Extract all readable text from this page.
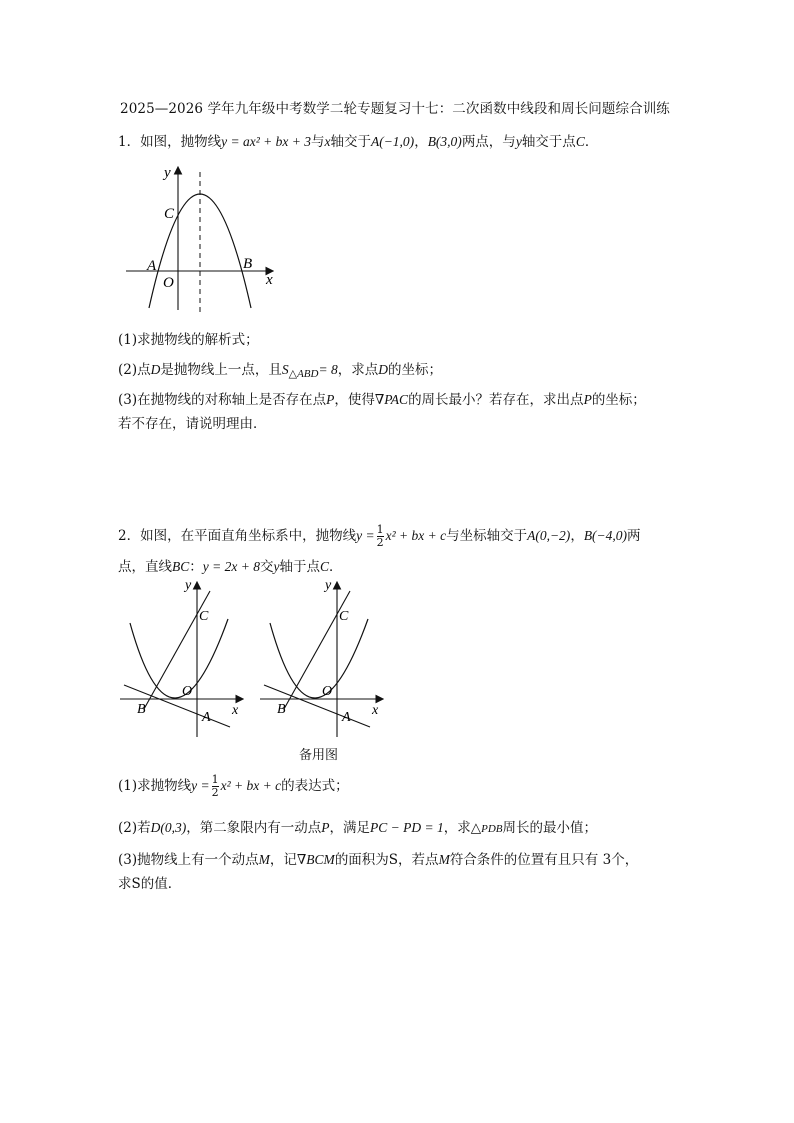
2025—2026 学年九年级中考数学二轮专题复习十七：二次函数中线段和周长问题综合训练
1．如图，抛物线y = ax² + bx + 3与x轴交于A(−1,0)，B(3,0)两点，与y轴交于点C．
y
C
A
O
B
x
(1)求抛物线的解析式；
(2)点D是抛物线上一点，且$S_{\triangle ABD}= 8$，求点D的坐标；
(3)在抛物线的对称轴上是否存在点P，使得∇PAC的周长最小？若存在，求出点P的坐标；
若不存在，请说明理由．
2．如图，在平面直角坐标系中，抛物线$y = \frac{1}{2} x^2$ + bx + c与坐标轴交于A(0,−2)，B(−4,0)两
点，直线BC：y = 2x + 8交y轴于点C．
y
C
O
B
A x
y
C
O
B
A x
备用图
(1)求抛物线$y = \frac{1}{2} x^2$ + bx + c的表达式；
(2)若D(0,3)，第二象限内有一动点P，满足PC − PD = 1，求△PDB周长的最小值；
(3)抛物线上有一个动点M，记∇BCM的面积为S，若点M符合条件的位置有且只有 3个，
求S的值．
